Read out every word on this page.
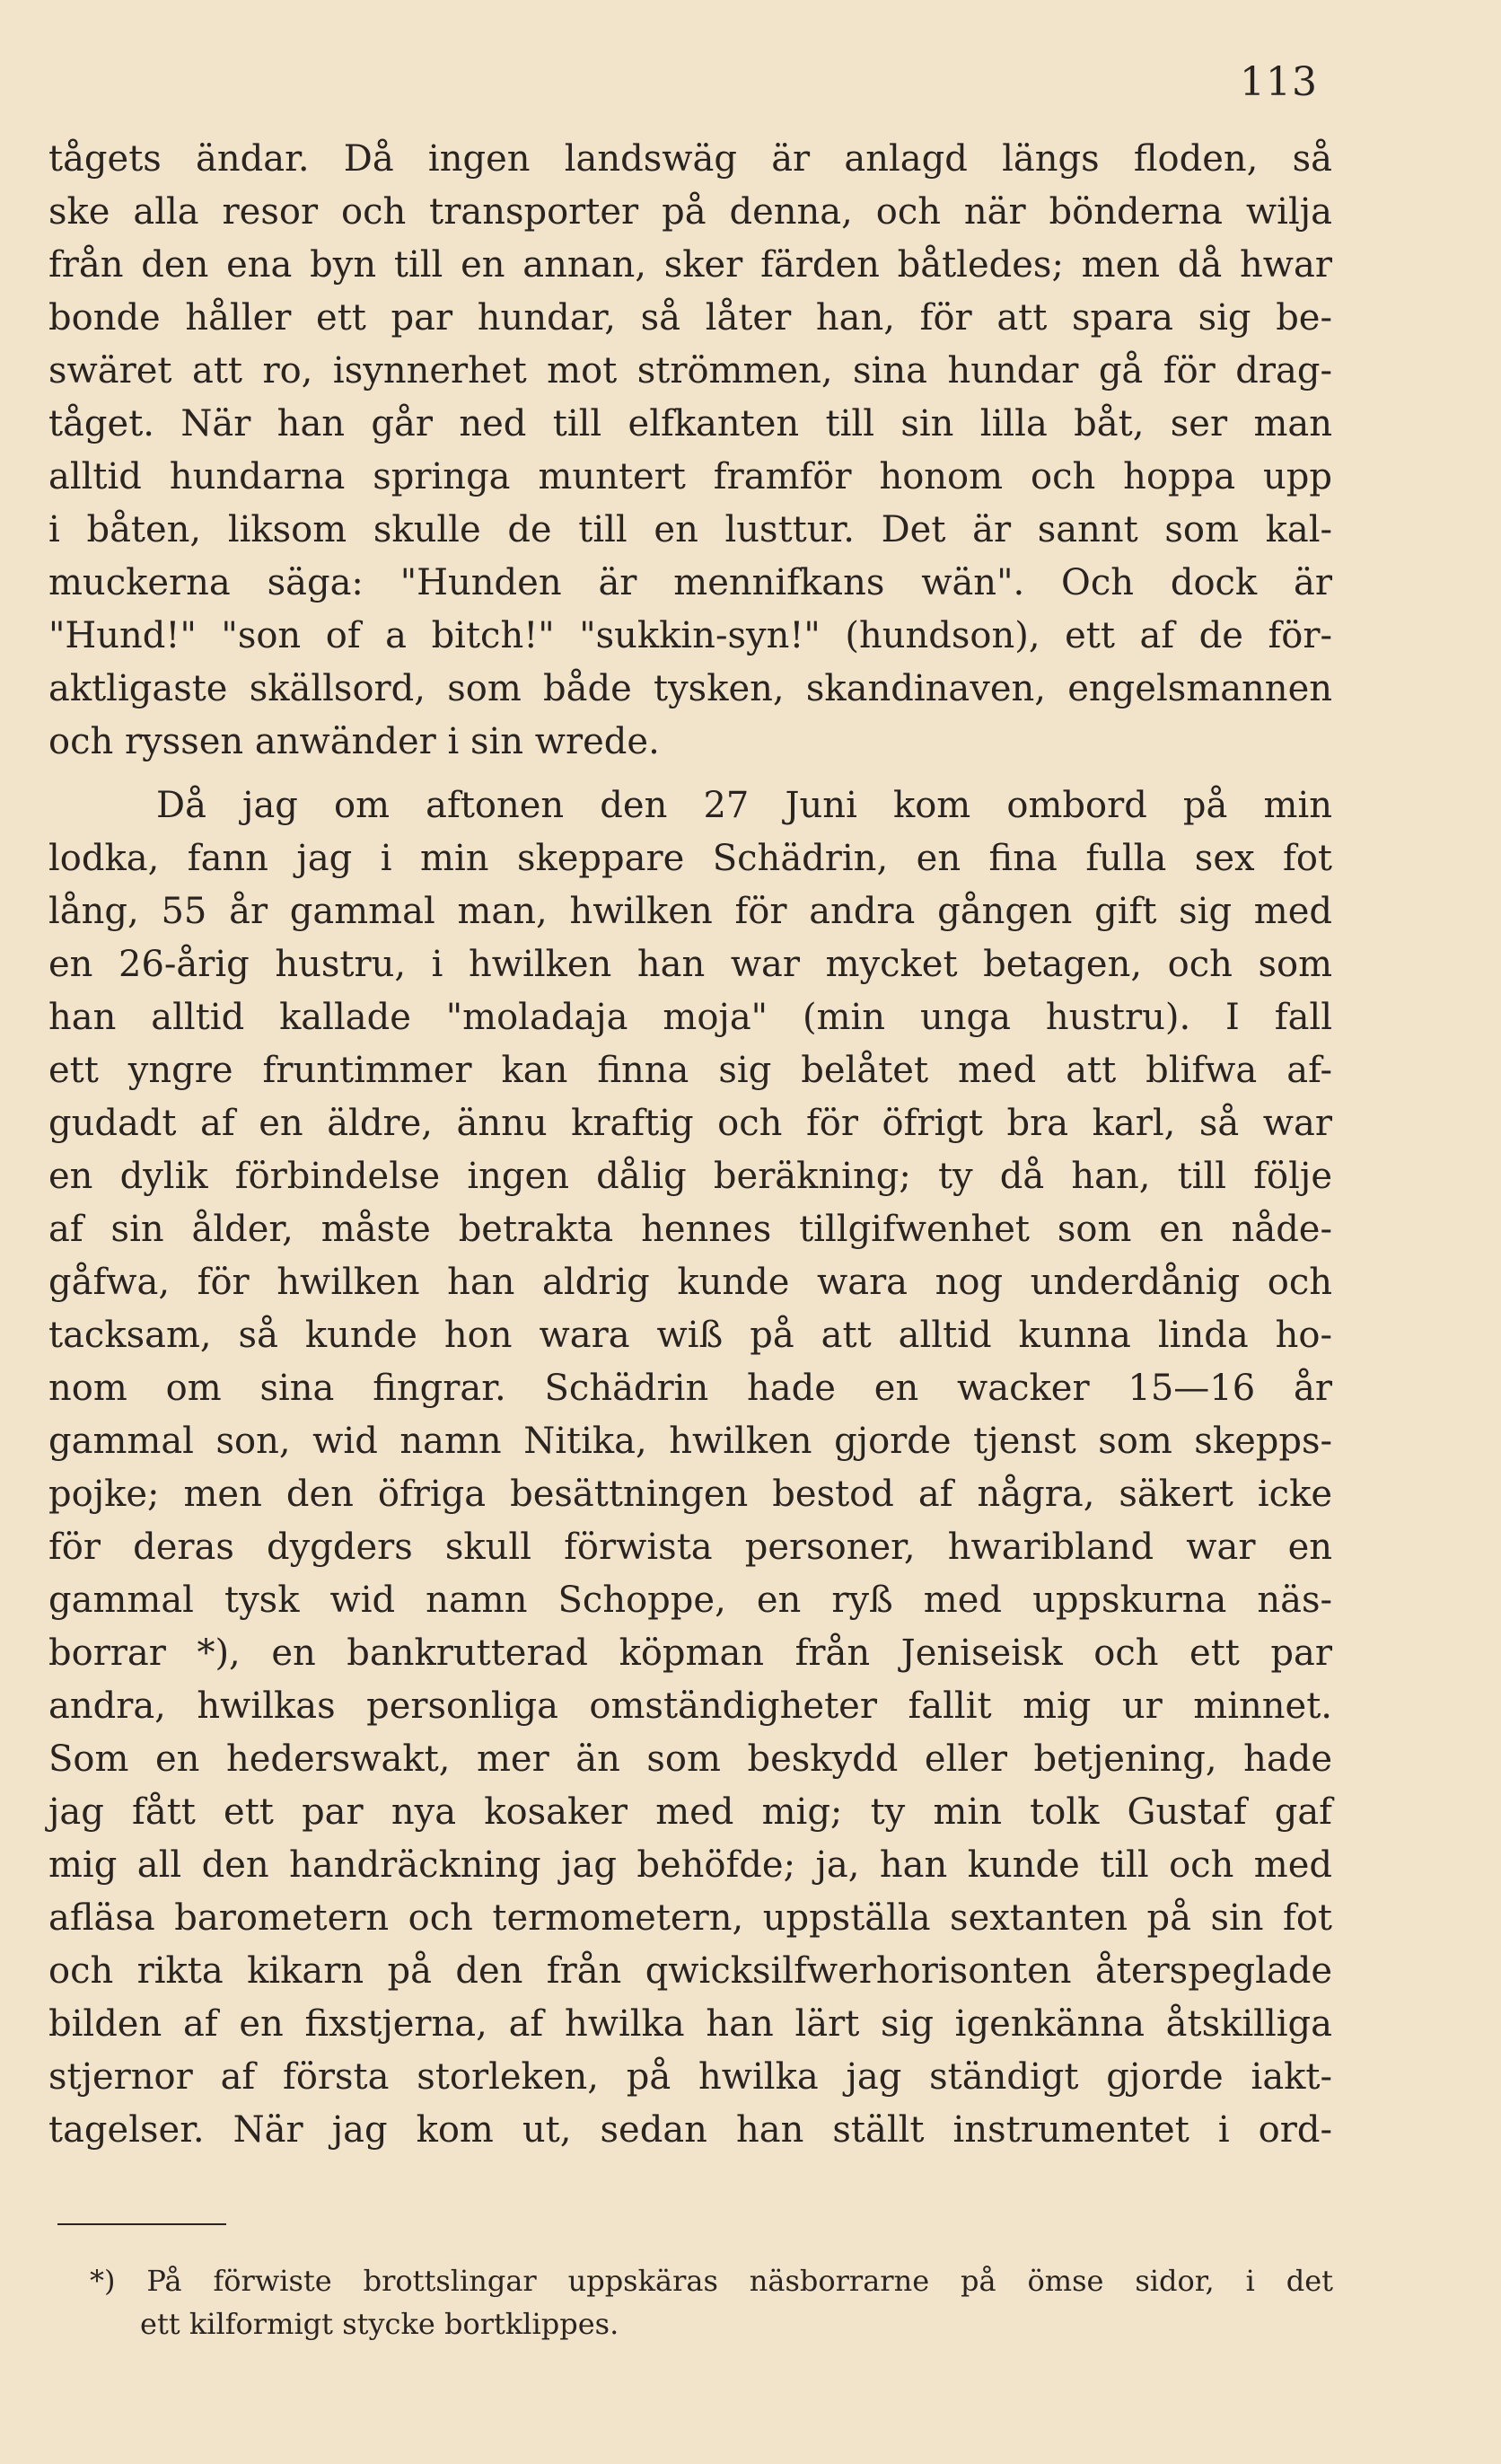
113
tågets ändar. Då ingen landswäg är anlagd längs floden, så
ske alla resor och transporter på denna, och när bönderna wilja
från den ena byn till en annan, sker färden båtledes; men då hwar
bonde håller ett par hundar, så låter han, för att spara sig be-
swäret att ro, isynnerhet mot strömmen, sina hundar gå för drag-
tåget. När han går ned till elfkanten till sin lilla båt, ser man
alltid hundarna springa muntert framför honom och hoppa upp
i båten, liksom skulle de till en lusttur. Det är sannt som kal-
muckerna säga: "Hunden är mennifkans wän". Och dock är
"Hund!" "son of a bitch!" "sukkin-syn!" (hundson), ett af de för-
aktligaste skällsord, som både tysken, skandinaven, engelsmannen
och ryssen anwänder i sin wrede.
Då jag om aftonen den 27 Juni kom ombord på min
lodka, fann jag i min skeppare Schädrin, en fina fulla sex fot
lång, 55 år gammal man, hwilken för andra gången gift sig med
en 26-årig hustru, i hwilken han war mycket betagen, och som
han alltid kallade "moladaja moja" (min unga hustru). I fall
ett yngre fruntimmer kan finna sig belåtet med att blifwa af-
gudadt af en äldre, ännu kraftig och för öfrigt bra karl, så war
en dylik förbindelse ingen dålig beräkning; ty då han, till följe
af sin ålder, måste betrakta hennes tillgifwenhet som en nåde-
gåfwa, för hwilken han aldrig kunde wara nog underdånig och
tacksam, så kunde hon wara wiß på att alltid kunna linda ho-
nom om sina fingrar. Schädrin hade en wacker 15—16 år
gammal son, wid namn Nitika, hwilken gjorde tjenst som skepps-
pojke; men den öfriga besättningen bestod af några, säkert icke
för deras dygders skull förwista personer, hwaribland war en
gammal tysk wid namn Schoppe, en ryß med uppskurna näs-
borrar *), en bankrutterad köpman från Jeniseisk och ett par
andra, hwilkas personliga omständigheter fallit mig ur minnet.
Som en hederswakt, mer än som beskydd eller betjening, hade
jag fått ett par nya kosaker med mig; ty min tolk Gustaf gaf
mig all den handräckning jag behöfde; ja, han kunde till och med
afläsa barometern och termometern, uppställa sextanten på sin fot
och rikta kikarn på den från qwicksilfwerhorisonten återspeglade
bilden af en fixstjerna, af hwilka han lärt sig igenkänna åtskilliga
stjernor af första storleken, på hwilka jag ständigt gjorde iakt-
tagelser. När jag kom ut, sedan han ställt instrumentet i ord-
*) På förwiste brottslingar uppskäras näsborrarne på ömse sidor, i det
ett kilformigt stycke bortklippes.
